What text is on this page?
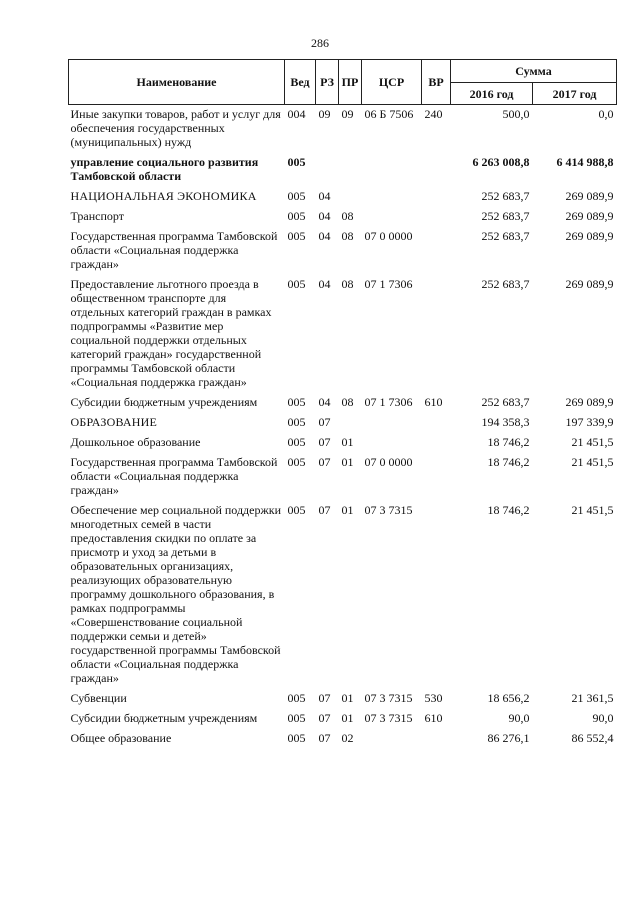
286
Наименование	Вед	РЗ	ПР	ЦСР	ВР	Сумма	
						2016 год	2017 год
Иные закупки товаров, работ и услуг для обеспечения государственных (муниципальных) нужд	004	09	09	06 Б 7506	240	500,0	0,0
управление социального развития Тамбовской области	005					6 263 008,8	6 414 988,8
НАЦИОНАЛЬНАЯ ЭКОНОМИКА	005	04				252 683,7	269 089,9
Транспорт	005	04	08			252 683,7	269 089,9
Государственная программа Тамбовской области «Социальная поддержка граждан»	005	04	08	07 0 0000		252 683,7	269 089,9
Предоставление льготного проезда в общественном транспорте для отдельных категорий граждан в рамках подпрограммы «Развитие мер социальной поддержки отдельных категорий граждан» государственной программы Тамбовской области «Социальная поддержка граждан»	005	04	08	07 1 7306		252 683,7	269 089,9
Субсидии бюджетным учреждениям	005	04	08	07 1 7306	610	252 683,7	269 089,9
ОБРАЗОВАНИЕ	005	07				194 358,3	197 339,9
Дошкольное образование	005	07	01			18 746,2	21 451,5
Государственная программа Тамбовской области «Социальная поддержка граждан»	005	07	01	07 0 0000		18 746,2	21 451,5
Обеспечение мер социальной поддержки многодетных семей в части предоставления скидки по оплате за присмотр и уход за детьми в образовательных организациях, реализующих образовательную программу дошкольного образования, в рамках подпрограммы «Совершенствование социальной поддержки семьи и детей» государственной программы Тамбовской области «Социальная поддержка граждан»	005	07	01	07 3 7315		18 746,2	21 451,5
Субвенции	005	07	01	07 3 7315	530	18 656,2	21 361,5
Субсидии бюджетным учреждениям	005	07	01	07 3 7315	610	90,0	90,0
Общее образование	005	07	02			86 276,1	86 552,4
